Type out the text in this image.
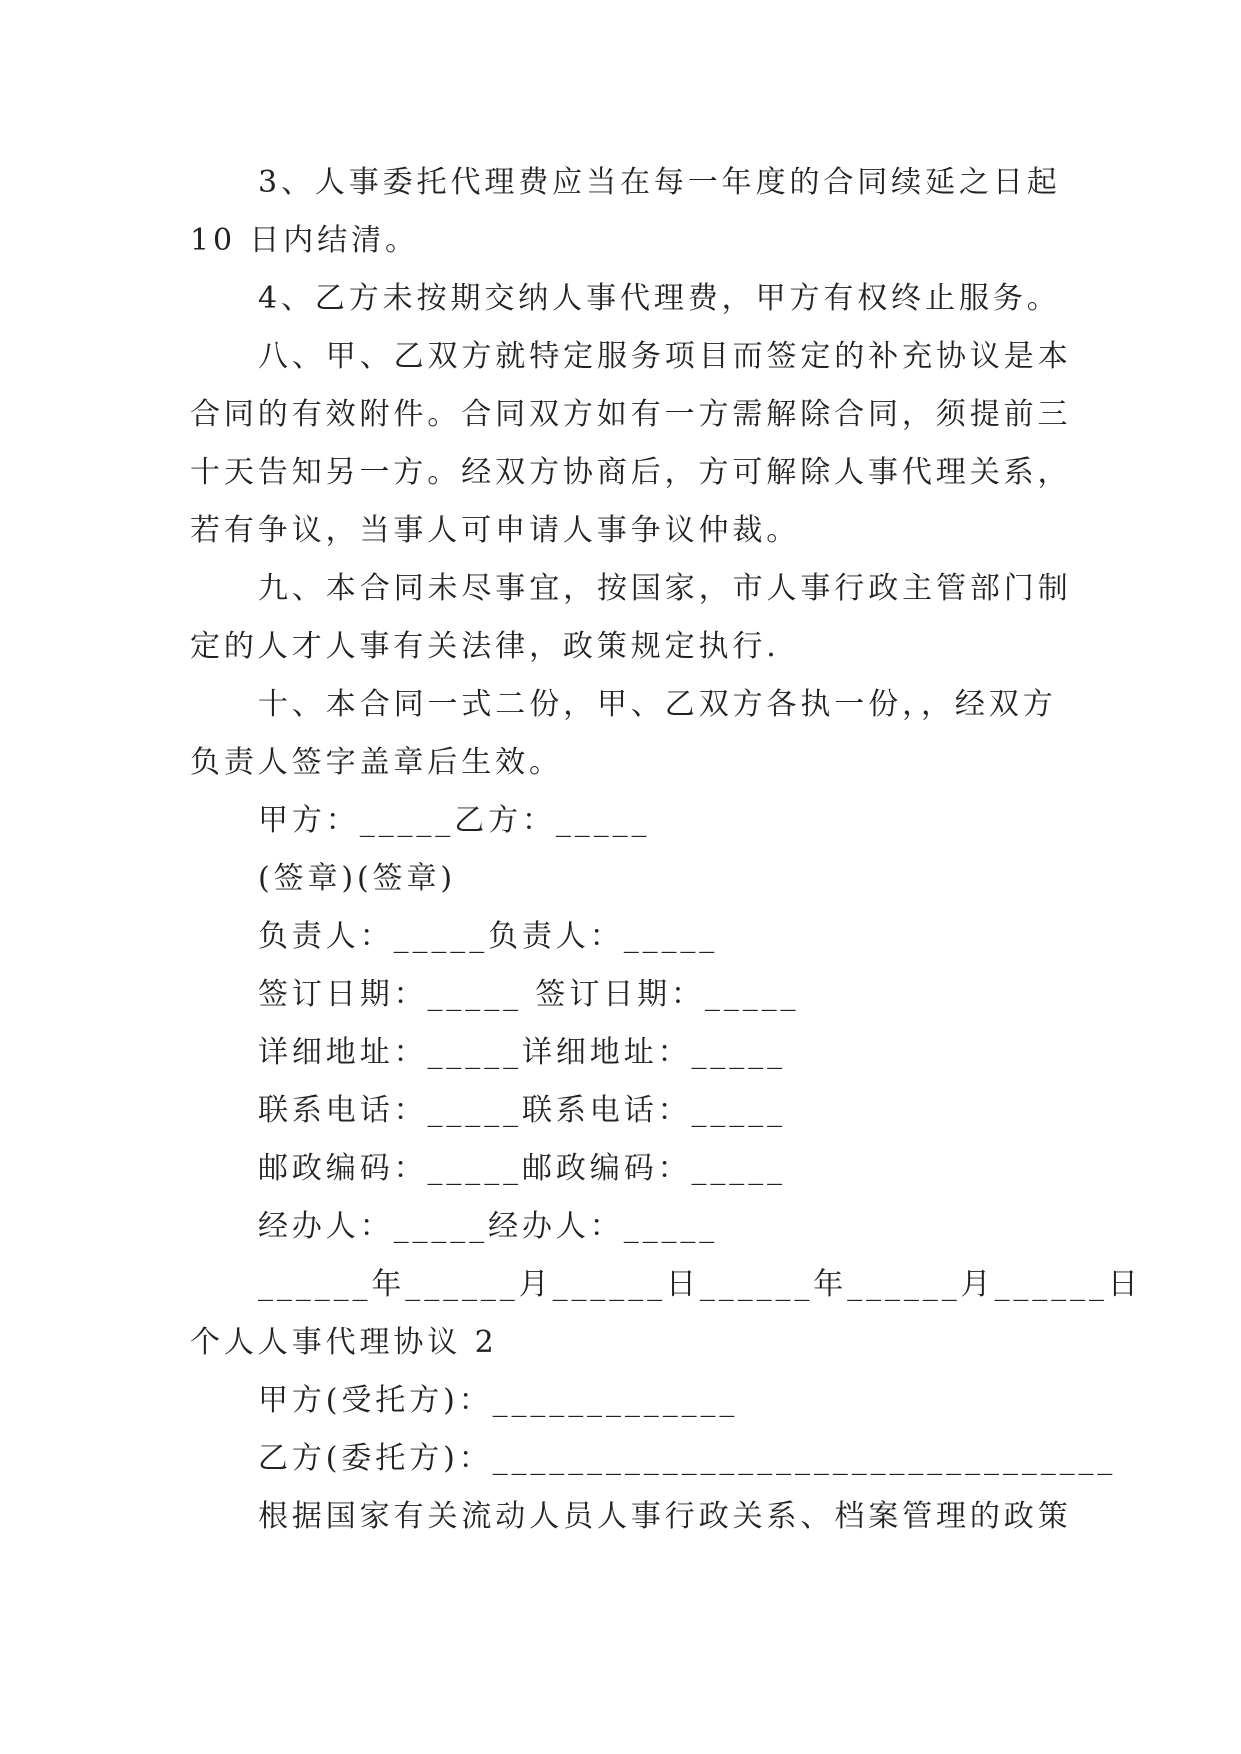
3、人事委托代理费应当在每一年度的合同续延之日起
10 日内结清。
4、乙方未按期交纳人事代理费，甲方有权终止服务。
八、甲、乙双方就特定服务项目而签定的补充协议是本
合同的有效附件。合同双方如有一方需解除合同，须提前三
十天告知另一方。经双方协商后，方可解除人事代理关系，
若有争议，当事人可申请人事争议仲裁。
九、本合同未尽事宜，按国家，市人事行政主管部门制
定的人才人事有关法律，政策规定执行.
十、本合同一式二份，甲、乙双方各执一份，，经双方
负责人签字盖章后生效。
甲方：_____乙方：_____
(签章)(签章)
负责人：_____负责人：_____
签订日期：_____ 签订日期：_____
详细地址：_____详细地址：_____
联系电话：_____联系电话：_____
邮政编码：_____邮政编码：_____
经办人：_____经办人：_____
______年______月______日______年______月______日
个人人事代理协议 2
甲方(受托方)：_____________
乙方(委托方)：_________________________________
根据国家有关流动人员人事行政关系、档案管理的政策
